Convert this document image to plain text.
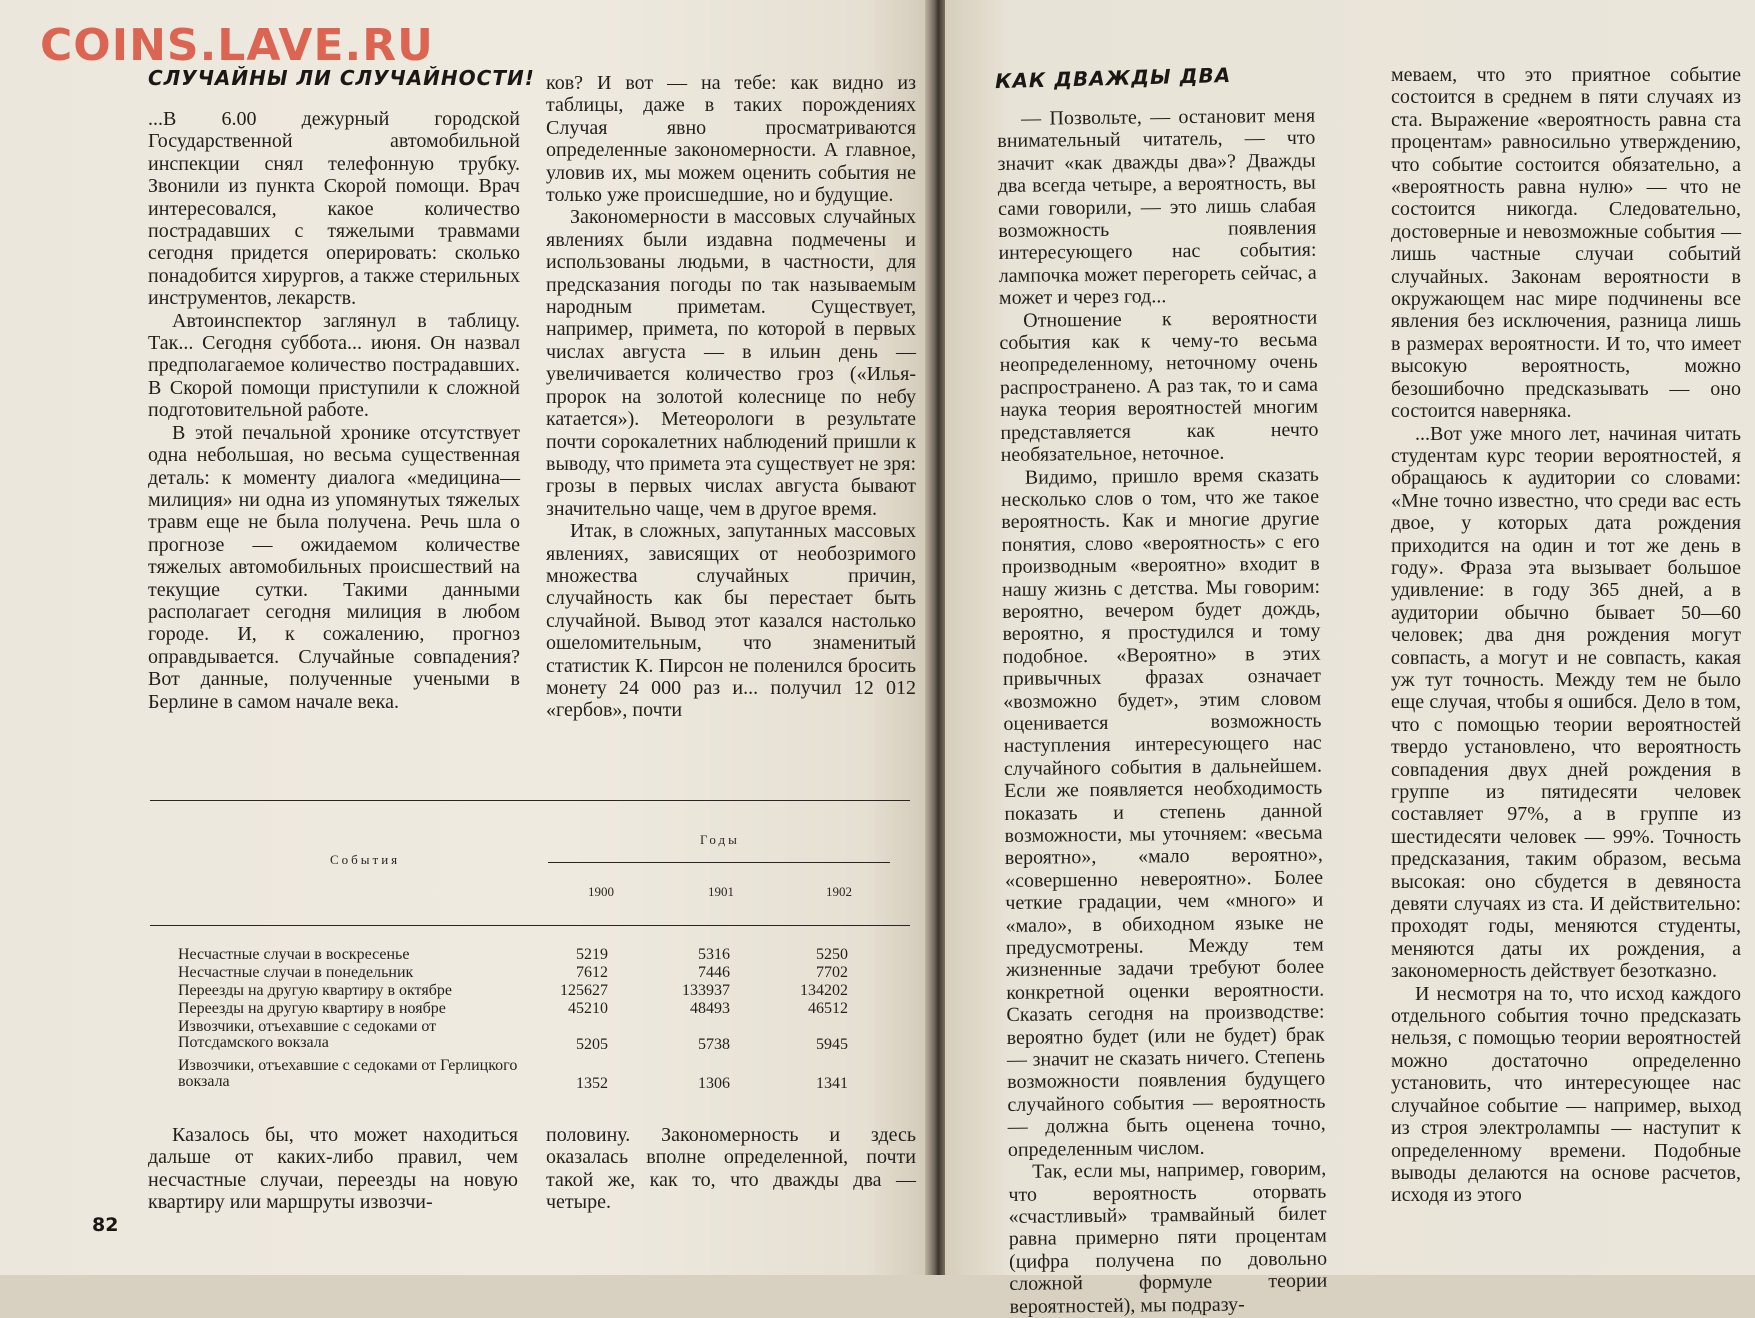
COINS.LAVE.RU
СЛУЧАЙНЫ ЛИ СЛУЧАЙНОСТИ!

...В 6.00 дежурный городской Государственной автомобильной инспекции снял телефонную трубку. Звонили из пункта Скорой помощи. Врач интересовался, какое количество пострадавших с тяжелыми травмами сегодня придется оперировать: сколько понадобится хирургов, а также стерильных инструментов, лекарств.

Автоинспектор заглянул в таблицу. Так... Сегодня суббота... июня. Он назвал предполагаемое количество пострадавших. В Скорой помощи приступили к сложной подготовительной работе.

В этой печальной хронике отсутствует одна небольшая, но весьма существенная деталь: к моменту диалога «медицина—милиция» ни одна из упомянутых тяжелых травм еще не была получена. Речь шла о прогнозе — ожидаемом количестве тяжелых автомобильных происшествий на текущие сутки. Такими данными располагает сегодня милиция в любом городе. И, к сожалению, прогноз оправдывается. Случайные совпадения? Вот данные, полученные учеными в Берлине в самом начале века.

ков? И вот — на тебе: как видно из таблицы, даже в таких порождениях Случая явно просматриваются определенные закономерности. А главное, уловив их, мы можем оценить события не только уже происшедшие, но и будущие.

Закономерности в массовых случайных явлениях были издавна подмечены и использованы людьми, в частности, для предсказания погоды по так называемым народным приметам. Существует, например, примета, по которой в первых числах августа — в ильин день — увеличивается количество гроз («Илья-пророк на золотой колеснице по небу катается»). Метеорологи в результате почти сорокалетних наблюдений пришли к выводу, что примета эта существует не зря: грозы в первых числах августа бывают значительно чаще, чем в другое время.

Итак, в сложных, запутанных массовых явлениях, зависящих от необозримого множества случайных причин, случайность как бы перестает быть случайной. Вывод этот казался настолько ошеломительным, что знаменитый статистик К. Пирсон не поленился бросить монету 24 000 раз и... получил 12 012 «гербов», почти

События
Годы
1900	1901	1902
Несчастные случаи в воскресенье	5219	5316	5250
Несчастные случаи в понедельник	7612	7446	7702
Переезды на другую квартиру в октябре	125627	133937	134202
Переезды на другую квартиру в ноябре	45210	48493	46512
Извозчики, отъехавшие с седоками от Потсдамского вокзала	5205	5738	5945
Извозчики, отъехавшие с седоками от Герлицкого вокзала	1352	1306	1341

Казалось бы, что может находиться дальше от каких-либо правил, чем несчастные случаи, переезды на новую квартиру или маршруты извозчи-

половину. Закономерность и здесь оказалась вполне определенной, почти такой же, как то, что дважды два — четыре.

82
КАК ДВАЖДЫ ДВА

— Позвольте, — остановит меня внимательный читатель, — что значит «как дважды два»? Дважды два всегда четыре, а вероятность, вы сами говорили, — это лишь слабая возможность появления интересующего нас события: лампочка может перегореть сейчас, а может и через год...

Отношение к вероятности события как к чему-то весьма неопределенному, неточному очень распространено. А раз так, то и сама наука теория вероятностей многим представляется как нечто необязательное, неточное.

Видимо, пришло время сказать несколько слов о том, что же такое вероятность. Как и многие другие понятия, слово «вероятность» с его производным «вероятно» входит в нашу жизнь с детства. Мы говорим: вероятно, вечером будет дождь, вероятно, я простудился и тому подобное. «Вероятно» в этих привычных фразах означает «возможно будет», этим словом оценивается возможность наступления интересующего нас случайного события в дальнейшем. Если же появляется необходимость показать и степень данной возможности, мы уточняем: «весьма вероятно», «мало вероятно», «совершенно невероятно». Более четкие градации, чем «много» и «мало», в обиходном языке не предусмотрены. Между тем жизненные задачи требуют более конкретной оценки вероятности. Сказать сегодня на производстве: вероятно будет (или не будет) брак — значит не сказать ничего. Степень возможности появления будущего случайного события — вероятность — должна быть оценена точно, определенным числом.

Так, если мы, например, говорим, что вероятность оторвать «счастливый» трамвайный билет равна примерно пяти процентам (цифра получена по довольно сложной формуле теории вероятностей), мы подразу-

меваем, что это приятное событие состоится в среднем в пяти случаях из ста. Выражение «вероятность равна ста процентам» равносильно утверждению, что событие состоится обязательно, а «вероятность равна нулю» — что не состоится никогда. Следовательно, достоверные и невозможные события — лишь частные случаи событий случайных. Законам вероятности в окружающем нас мире подчинены все явления без исключения, разница лишь в размерах вероятности. И то, что имеет высокую вероятность, можно безошибочно предсказывать — оно состоится наверняка.

...Вот уже много лет, начиная читать студентам курс теории вероятностей, я обращаюсь к аудитории со словами: «Мне точно известно, что среди вас есть двое, у которых дата рождения приходится на один и тот же день в году». Фраза эта вызывает большое удивление: в году 365 дней, а в аудитории обычно бывает 50—60 человек; два дня рождения могут совпасть, а могут и не совпасть, какая уж тут точность. Между тем не было еще случая, чтобы я ошибся. Дело в том, что с помощью теории вероятностей твердо установлено, что вероятность совпадения двух дней рождения в группе из пятидесяти человек составляет 97%, а в группе из шестидесяти человек — 99%. Точность предсказания, таким образом, весьма высокая: оно сбудется в девяноста девяти случаях из ста. И действительно: проходят годы, меняются студенты, меняются даты их рождения, а закономерность действует безотказно.

И несмотря на то, что исход каждого отдельного события точно предсказать нельзя, с помощью теории вероятностей можно достаточно определенно установить, что интересующее нас случайное событие — например, выход из строя электролампы — наступит к определенному времени. Подобные выводы делаются на основе расчетов, исходя из этого
